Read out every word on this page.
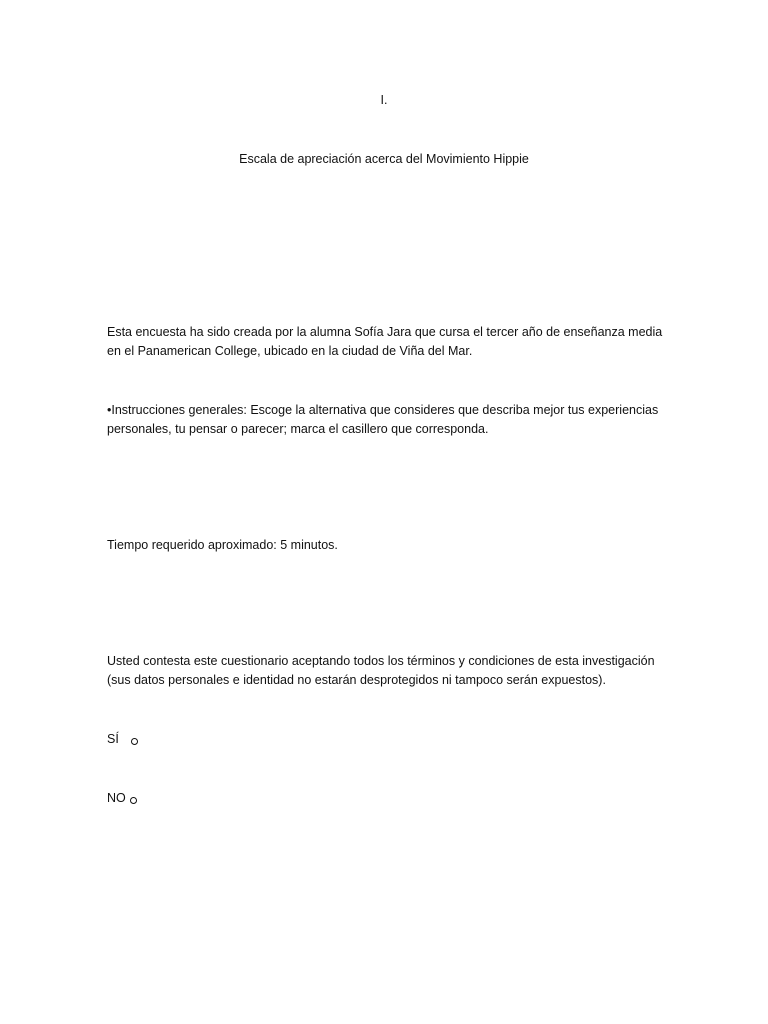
I.
Escala de apreciación acerca del Movimiento Hippie
Esta encuesta ha sido creada por la alumna Sofía Jara que cursa el tercer año de enseñanza media
en el Panamerican College, ubicado en la ciudad de Viña del Mar.
•Instrucciones generales: Escoge la alternativa que consideres que describa mejor tus experiencias
personales, tu pensar o parecer; marca el casillero que corresponda.
Tiempo requerido aproximado: 5 minutos.
Usted contesta este cuestionario aceptando todos los términos y condiciones de esta investigación
(sus datos personales e identidad no estarán desprotegidos ni tampoco serán expuestos).
SÍ
NO
